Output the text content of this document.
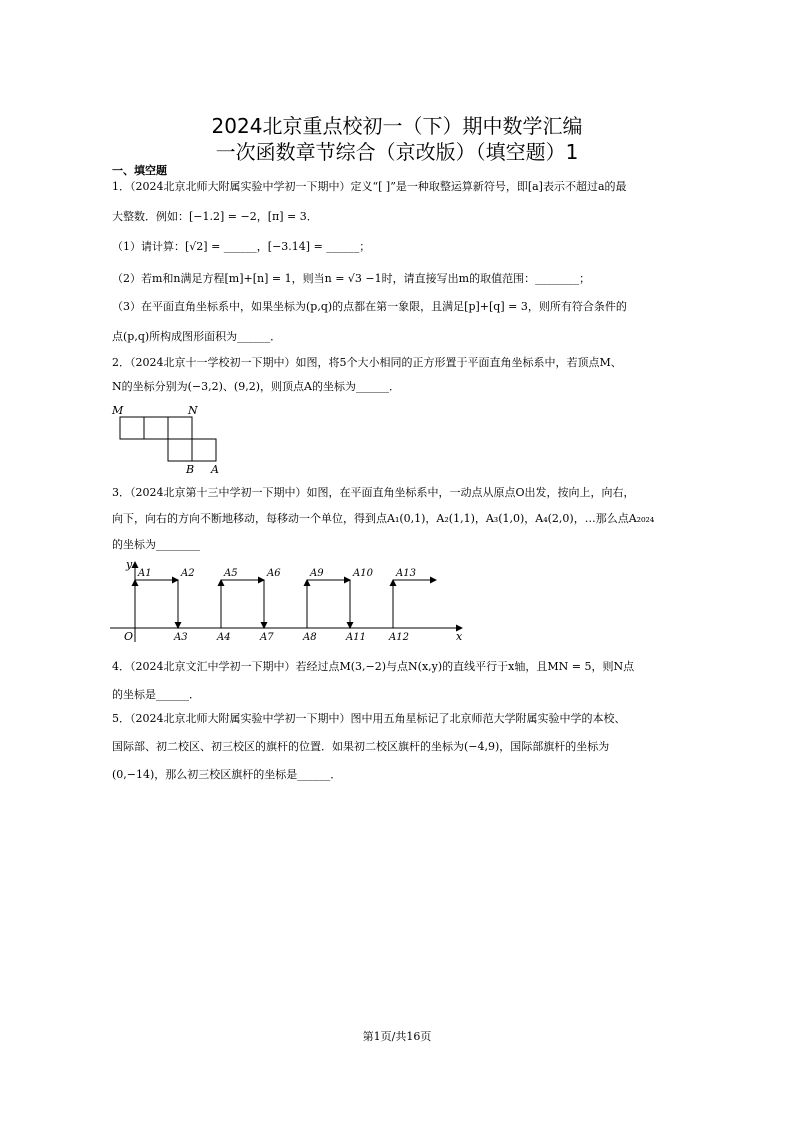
2024北京重点校初一（下）期中数学汇编
一次函数章节综合（京改版）（填空题）1
一、填空题
1．（2024北京北师大附属实验中学初一下期中）定义“[ ]”是一种取整运算新符号，即[a]表示不超过a的最
大整数．例如：[−1.2] = −2，[π] = 3．
（1）请计算：[√2] = ______，[−3.14] = ______；
（2）若m和n满足方程[m]+[n] = 1，则当n = √3 −1时，请直接写出m的取值范围：________；
（3）在平面直角坐标系中，如果坐标为(p,q)的点都在第一象限，且满足[p]+[q] = 3，则所有符合条件的
点(p,q)所构成图形面积为______．
2．（2024北京十一学校初一下期中）如图，将5个大小相同的正方形置于平面直角坐标系中，若顶点M、
N的坐标分别为(−3,2)、(9,2)，则顶点A的坐标为______．
M	N
B A
3．（2024北京第十三中学初一下期中）如图，在平面直角坐标系中，一动点从原点O出发，按向上，向右，
向下，向右的方向不断地移动，每移动一个单位，得到点A₁(0,1)，A₂(1,1)，A₃(1,0)，A₄(2,0)，…那么点A₂₀₂₄
的坐标为________
y
x
O
A1	A2	A5	A6	A9	A10 A13
A3	A4	A7	A8	A11 A12
4．（2024北京文汇中学初一下期中）若经过点M(3,−2)与点N(x,y)的直线平行于x轴，且MN = 5，则N点
的坐标是______．
5．（2024北京北师大附属实验中学初一下期中）图中用五角星标记了北京师范大学附属实验中学的本校、
国际部、初二校区、初三校区的旗杆的位置．如果初二校区旗杆的坐标为(−4,9)，国际部旗杆的坐标为
(0,−14)，那么初三校区旗杆的坐标是______．
第1页/共16页
